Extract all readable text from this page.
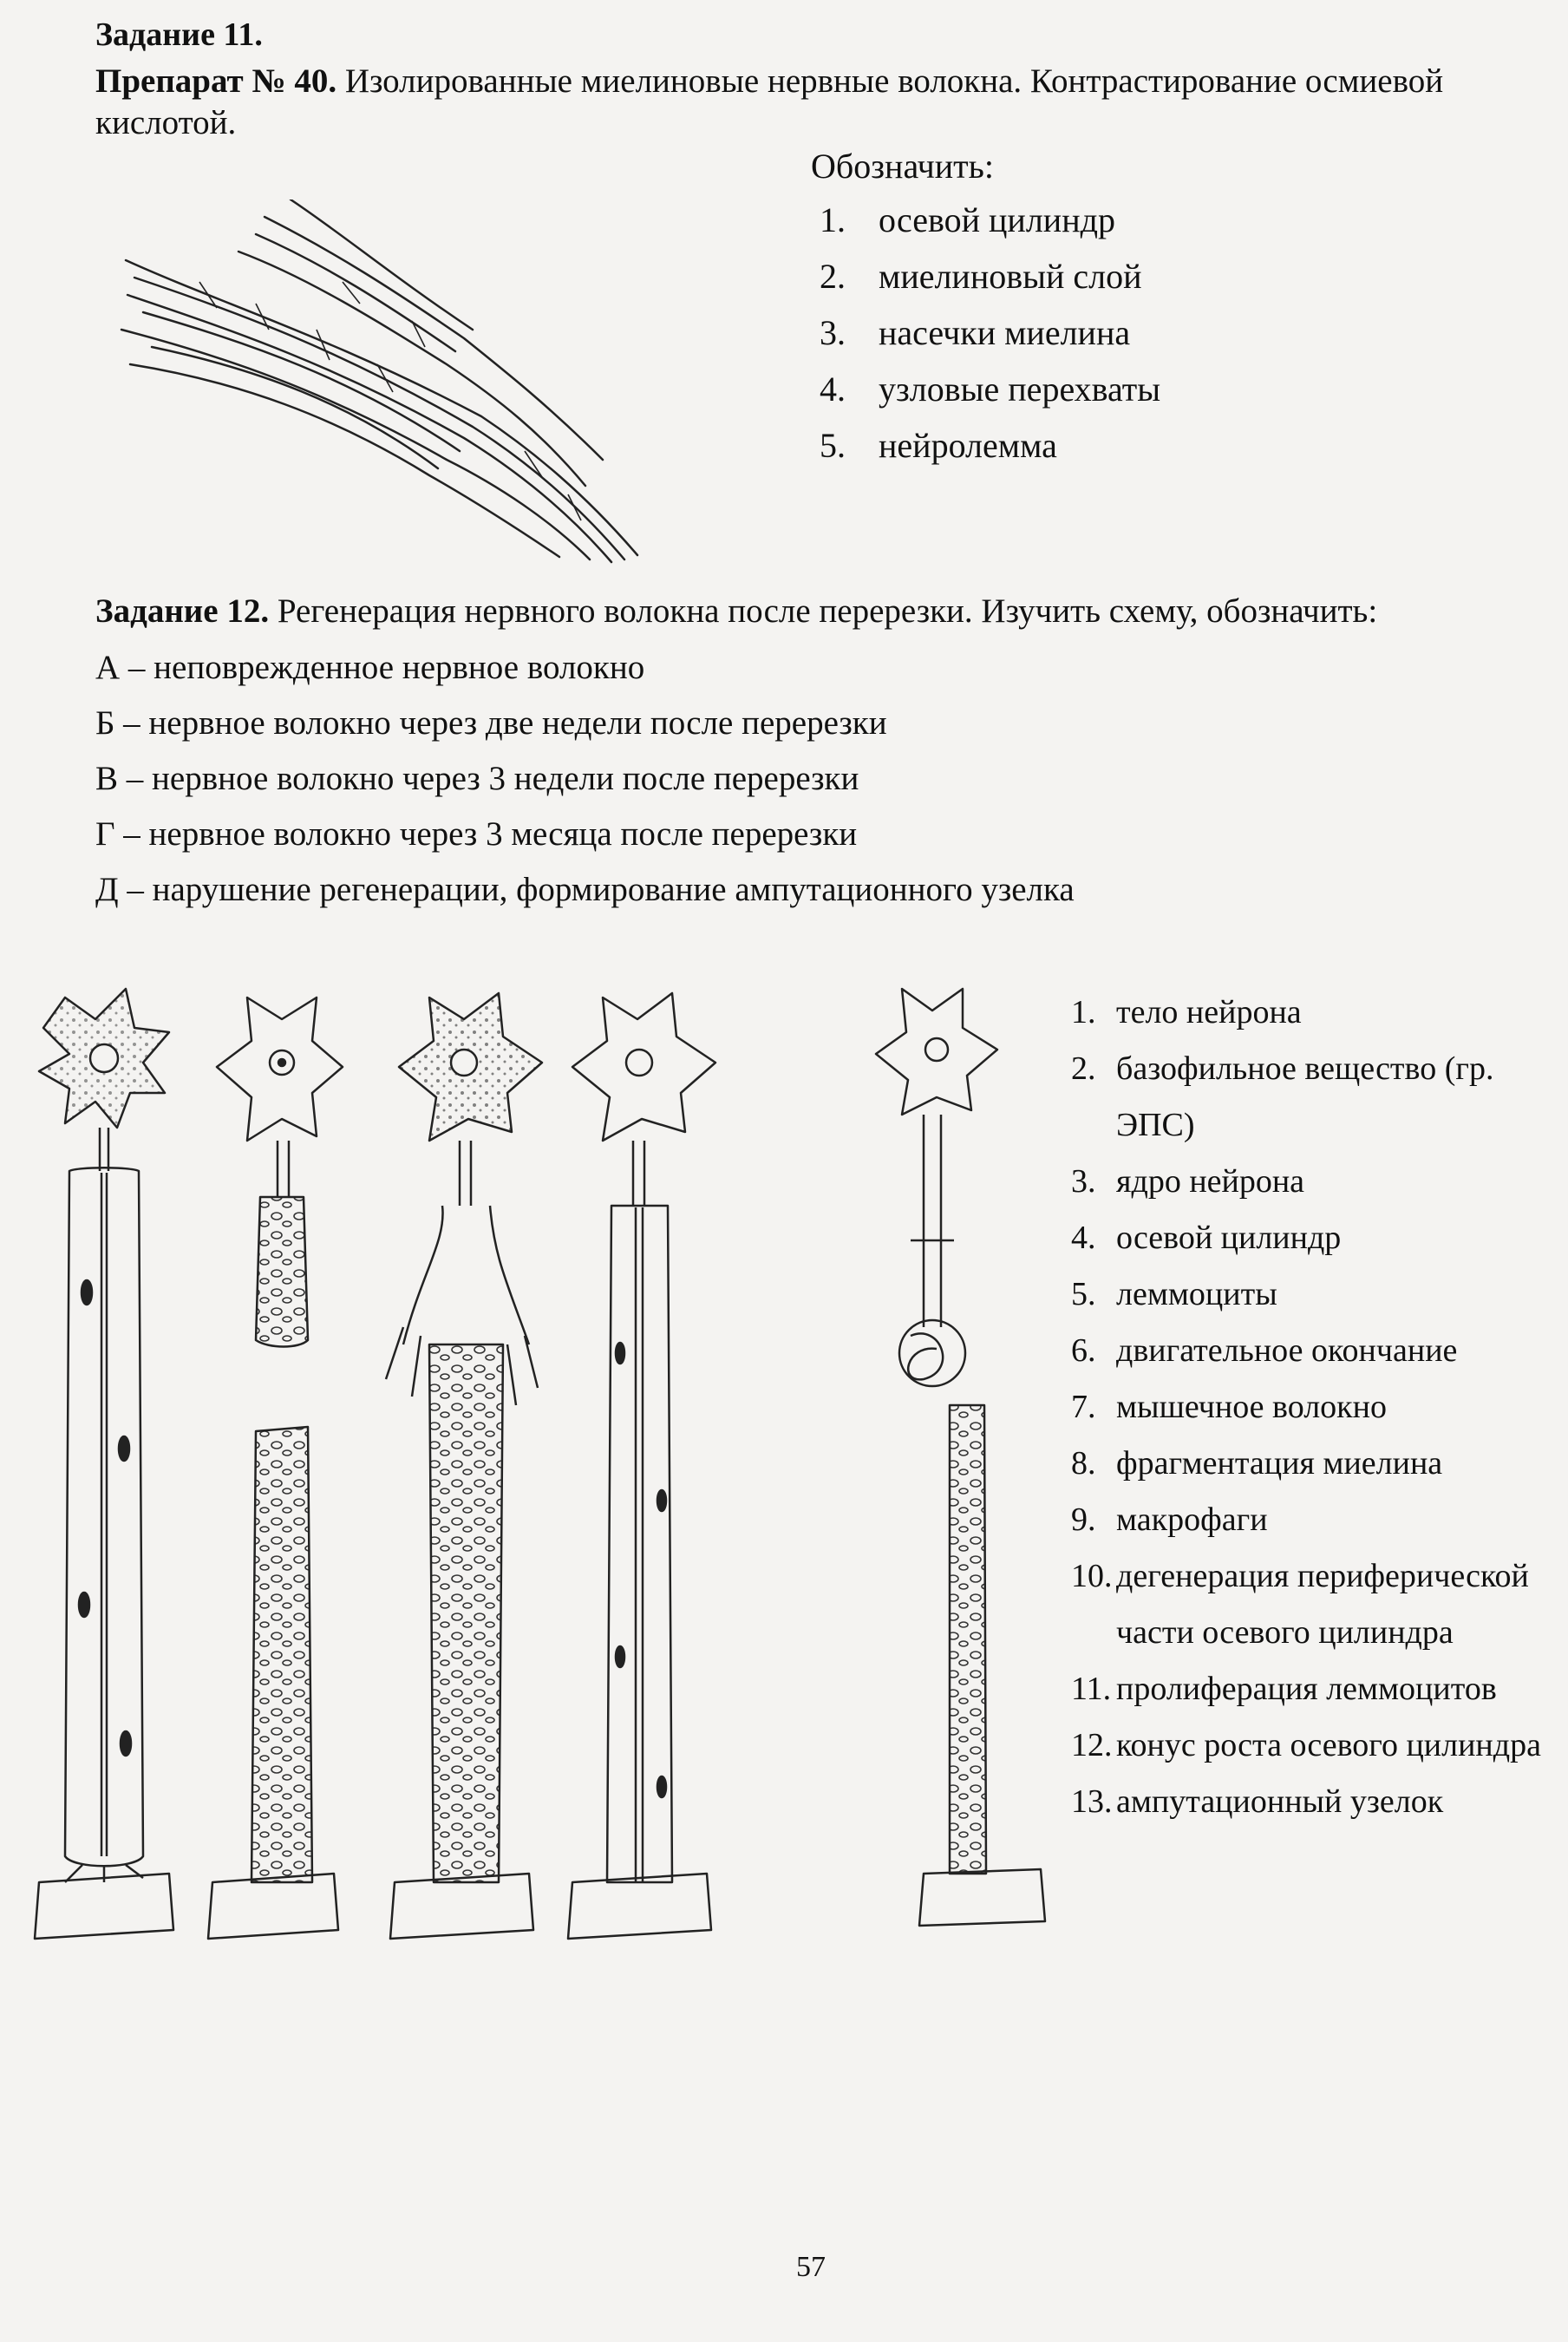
Задание 11.
Препарат № 40. Изолированные миелиновые нервные волокна. Контрастирование осмиевой кислотой.
Обозначить:
1. осевой цилиндр
2. миелиновый слой
3. насечки миелина
4. узловые перехваты
5. нейролемма
Задание 12. Регенерация нервного волокна после перерезки. Изучить схему, обозначить:
А – неповрежденное нервное волокно
Б – нервное волокно через две недели после перерезки
В – нервное волокно через 3 недели после перерезки
Г – нервное волокно через 3 месяца после перерезки
Д – нарушение регенерации, формирование ампутационного узелка
1. тело нейрона
2. базофильное вещество (гр. ЭПС)
3. ядро нейрона
4. осевой цилиндр
5. леммоциты
6. двигательное окончание
7. мышечное волокно
8. фрагментация миелина
9. макрофаги
10. дегенерация периферической части осевого цилиндра
11. пролиферация леммоцитов
12. конус роста осевого цилиндра
13. ампутационный узелок
57
